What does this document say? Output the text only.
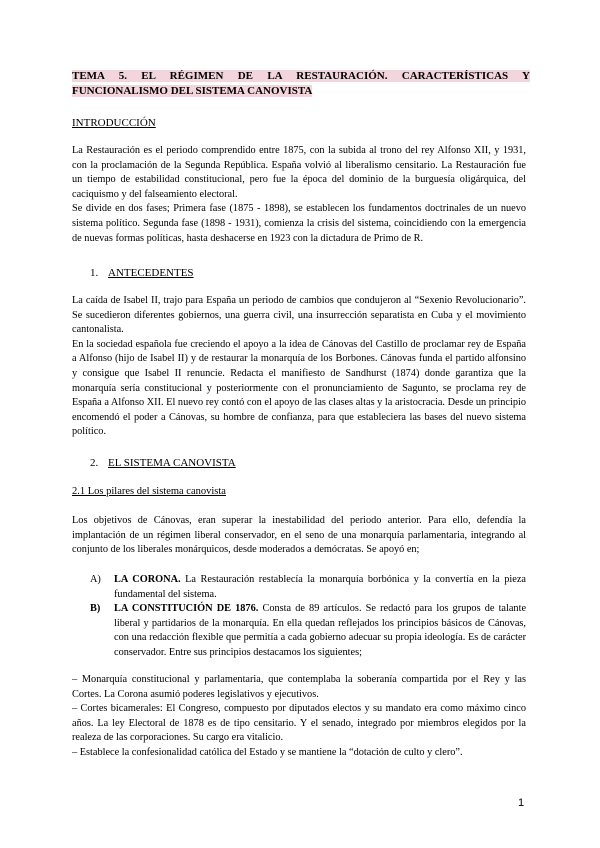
TEMA 5. EL RÉGIMEN DE LA RESTAURACIÓN. CARACTERÍSTICAS Y FUNCIONALISMO DEL SISTEMA CANOVISTA
INTRODUCCIÓN

La Restauración es el periodo comprendido entre 1875, con la subida al trono del rey Alfonso XII, y 1931, con la proclamación de la Segunda República. España volvió al liberalismo censitario. La Restauración fue un tiempo de estabilidad constitucional, pero fue la época del dominio de la burguesía oligárquica, del caciquismo y del falseamiento electoral.

Se divide en dos fases; Primera fase (1875 - 1898), se establecen los fundamentos doctrinales de un nuevo sistema político. Segunda fase (1898 - 1931), comienza la crisis del sistema, coincidiendo con la emergencia de nuevas formas políticas, hasta deshacerse en 1923 con la dictadura de Primo de R.

1. ANTECEDENTES

La caída de Isabel II, trajo para España un periodo de cambios que condujeron al “Sexenio Revolucionario”. Se sucedieron diferentes gobiernos, una guerra civil, una insurrección separatista en Cuba y el movimiento cantonalista.

En la sociedad española fue creciendo el apoyo a la idea de Cánovas del Castillo de proclamar rey de España a Alfonso (hijo de Isabel II) y de restaurar la monarquía de los Borbones. Cánovas funda el partido alfonsino y consigue que Isabel II renuncie. Redacta el manifiesto de Sandhurst (1874) donde garantiza que la monarquía sería constitucional y posteriormente con el pronunciamiento de Sagunto, se proclama rey de España a Alfonso XII. El nuevo rey contó con el apoyo de las clases altas y la aristocracia. Desde un principio encomendó el poder a Cánovas, su hombre de confianza, para que estableciera las bases del nuevo sistema político.

2. EL SISTEMA CANOVISTA
2.1 Los pilares del sistema canovista
Los objetivos de Cánovas, eran superar la inestabilidad del periodo anterior. Para ello, defendía la implantación de un régimen liberal conservador, en el seno de una monarquía parlamentaria, integrando al conjunto de los liberales monárquicos, desde moderados a demócratas. Se apoyó en;
A)	LA CORONA. La Restauración restablecía la monarquía borbónica y la convertía en la pieza fundamental del sistema.
B)	LA CONSTITUCIÓN DE 1876. Consta de 89 artículos. Se redactó para los grupos de talante liberal y partidarios de la monarquía. En ella quedan reflejados los principios básicos de Cánovas, con una redacción flexible que permitía a cada gobierno adecuar su propia ideología. Es de carácter conservador. Entre sus principios destacamos los siguientes;

– Monarquía constitucional y parlamentaria, que contemplaba la soberanía compartida por el Rey y las Cortes. La Corona asumió poderes legislativos y ejecutivos.

– Cortes bicamerales: El Congreso, compuesto por diputados electos y su mandato era como máximo cinco años. La ley Electoral de 1878 es de tipo censitario. Y el senado, integrado por miembros elegidos por la realeza de las corporaciones. Su cargo era vitalicio.

– Establece la confesionalidad católica del Estado y se mantiene la “dotación de culto y clero”.

1
